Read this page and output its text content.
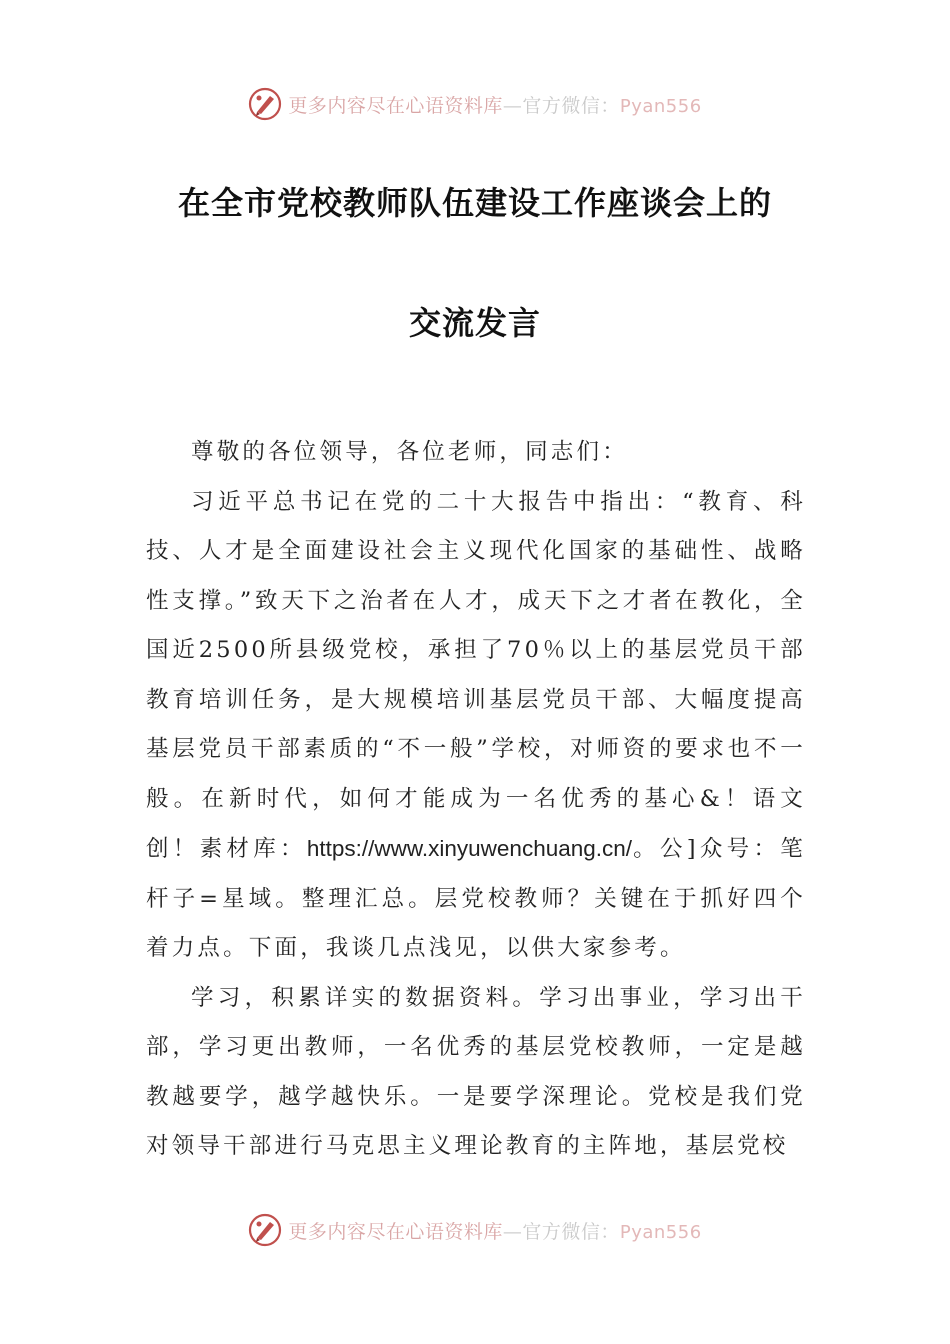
更多内容尽在心语资料库—官方微信：Pyan556
在全市党校教师队伍建设工作座谈会上的
交流发言

尊敬的各位领导，各位老师，同志们：

习近平总书记在党的二十大报告中指出：“教育、科技、人才是全面建设社会主义现代化国家的基础性、战略性支撑。”致天下之治者在人才，成天下之才者在教化，全国近2500所县级党校，承担了70％以上的基层党员干部教育培训任务，是大规模培训基层党员干部、大幅度提高基层党员干部素质的“不一般”学校，对师资的要求也不一般。在新时代，如何才能成为一名优秀的基心&！语文创！素材库：https://www.xinyuwenchuang.cn/。公]众号：笔杆子=星域。整理汇总。层党校教师？关键在于抓好四个着力点。下面，我谈几点浅见，以供大家参考。

学习，积累详实的数据资料。学习出事业，学习出干部，学习更出教师，一名优秀的基层党校教师，一定是越教越要学，越学越快乐。一是要学深理论。党校是我们党对领导干部进行马克思主义理论教育的主阵地，基层党校

更多内容尽在心语资料库—官方微信：Pyan556
